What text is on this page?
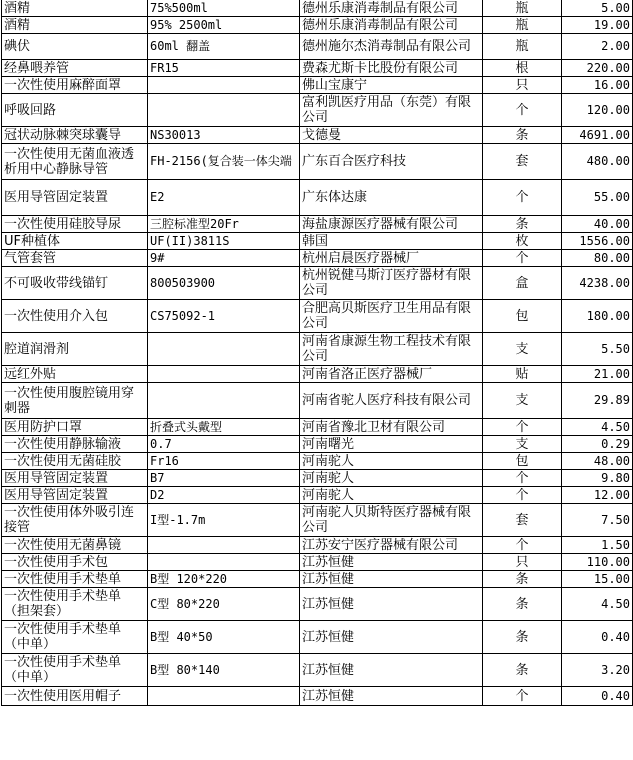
酒精	75%500ml	德州乐康消毒制品有限公司	瓶	5.00
酒精	95% 2500ml	德州乐康消毒制品有限公司	瓶	19.00
碘伏	60ml 翻盖	德州施尔杰消毒制品有限公司	瓶	2.00
经鼻喂养管	FR15	费森尤斯卡比股份有限公司	根	220.00
一次性使用麻醉面罩		佛山宝康宁	只	16.00
呼吸回路		富利凯医疗用品（东莞）有限公司	个	120.00
冠状动脉棘突球囊导	NS30013	戈德曼	条	4691.00
一次性使用无菌血液透析用中心静脉导管	FH-2156(复合装一体尖端	广东百合医疗科技	套	480.00
医用导管固定装置	E2	广东体达康	个	55.00
一次性使用硅胶导尿	三腔标准型20Fr	海盐康源医疗器械有限公司	条	40.00
UF种植体	UF(II)3811S	韩国	枚	1556.00
气管套管	9#	杭州启晨医疗器械厂	个	80.00
不可吸收带线锚钉	800503900	杭州锐健马斯汀医疗器材有限公司	盒	4238.00
一次性使用介入包	CS75092-1	合肥高贝斯医疗卫生用品有限公司	包	180.00
腔道润滑剂		河南省康源生物工程技术有限公司	支	5.50
远红外贴		河南省洛正医疗器械厂	贴	21.00
一次性使用腹腔镜用穿刺器		河南省驼人医疗科技有限公司	支	29.89
医用防护口罩	折叠式头戴型	河南省豫北卫材有限公司	个	4.50
一次性使用静脉输液	0.7	河南曙光	支	0.29
一次性使用无菌硅胶	Fr16	河南驼人	包	48.00
医用导管固定装置	B7	河南驼人	个	9.80
医用导管固定装置	D2	河南驼人	个	12.00
一次性使用体外吸引连接管	I型-1.7m	河南驼人贝斯特医疗器械有限公司	套	7.50
一次性使用无菌鼻镜		江苏安宁医疗器械有限公司	个	1.50
一次性使用手术包		江苏恒健	只	110.00
一次性使用手术垫单	B型 120*220	江苏恒健	条	15.00
一次性使用手术垫单（担架套）	C型 80*220	江苏恒健	条	4.50
一次性使用手术垫单（中单）	B型 40*50	江苏恒健	条	0.40
一次性使用手术垫单（中单）	B型 80*140	江苏恒健	条	3.20
一次性使用医用帽子		江苏恒健	个	0.40
